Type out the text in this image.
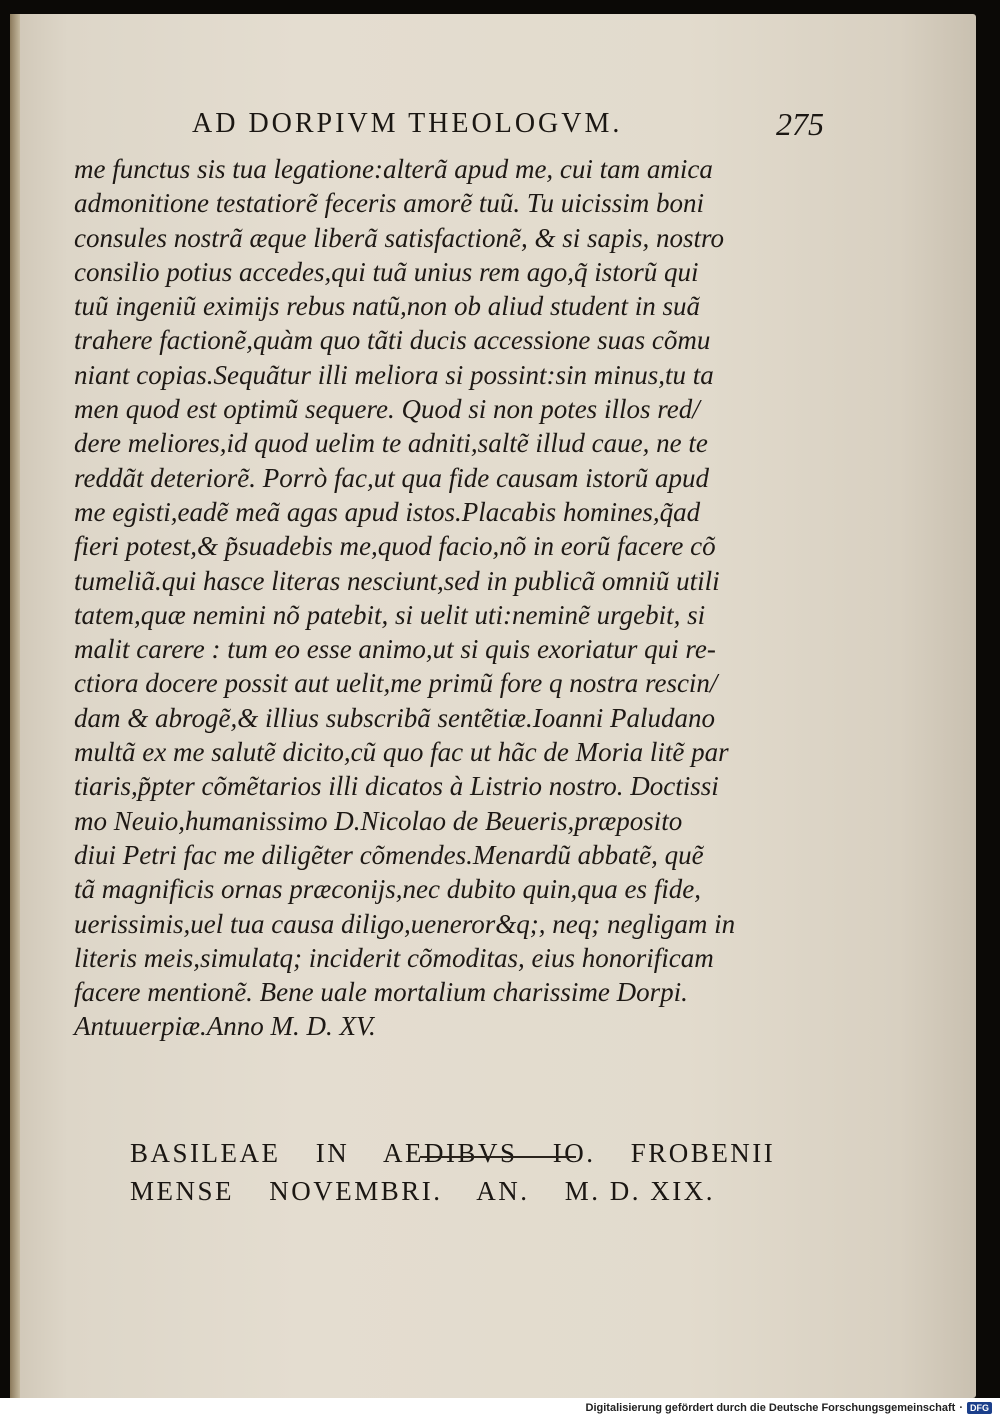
AD DORPIVM THEOLOGVM.	275
me functus sis tua legatione:alterã apud me, cui tam amica
admonitione testatiorẽ feceris amorẽ tuũ. Tu uicissim boni
consules nostrã æque liberã satisfactionẽ, & si sapis, nostro
consilio potius accedes,qui tuã unius rem ago,q̃ istorũ qui
tuũ ingeniũ eximijs rebus natũ,non ob aliud student in suã
trahere factionẽ,quàm quo tãti ducis accessione suas cõmu
niant copias.Sequãtur illi meliora si possint:sin minus,tu ta
men quod est optimũ sequere. Quod si non potes illos red/
dere meliores,id quod uelim te adniti,saltẽ illud caue, ne te
reddãt deteriorẽ. Porrò fac,ut qua fide causam istorũ apud
me egisti,eadẽ meã agas apud istos.Placabis homines,q̃ad
fieri potest,& p̃suadebis me,quod facio,nõ in eorũ facere cõ
tumeliã.qui hasce literas nesciunt,sed in publicã omniũ utili
tatem,quæ nemini nõ patebit, si uelit uti:neminẽ urgebit, si
malit carere : tum eo esse animo,ut si quis exoriatur qui re-
ctiora docere possit aut uelit,me primũ fore q nostra rescin/
dam & abrogẽ,& illius subscribã sentẽtiæ.Ioanni Paludano
multã ex me salutẽ dicito,cũ quo fac ut hãc de Moria litẽ par
tiaris,p̃pter cõmẽtarios illi dicatos à Listrio nostro. Doctissi
mo Neuio,humanissimo D.Nicolao de Beueris,præposito
diui Petri fac me diligẽter cõmendes.Menardũ abbatẽ, quẽ
tã magnificis ornas præconijs,nec dubito quin,qua es fide,
uerissimis,uel tua causa diligo,ueneror&q;, neq; negligam in
literis meis,simulatq; inciderit cõmoditas, eius honorificam
facere mentionẽ. Bene uale mortalium charissime Dorpi.
Antuuerpiæ.Anno M. D. XV.
BASILEAE IN AEDIBVS IO. FROBENII
MENSE NOVEMBRI. AN. M. D. XIX.
Digitalisierung gefördert durch die Deutsche Forschungsgemeinschaft · DFG
